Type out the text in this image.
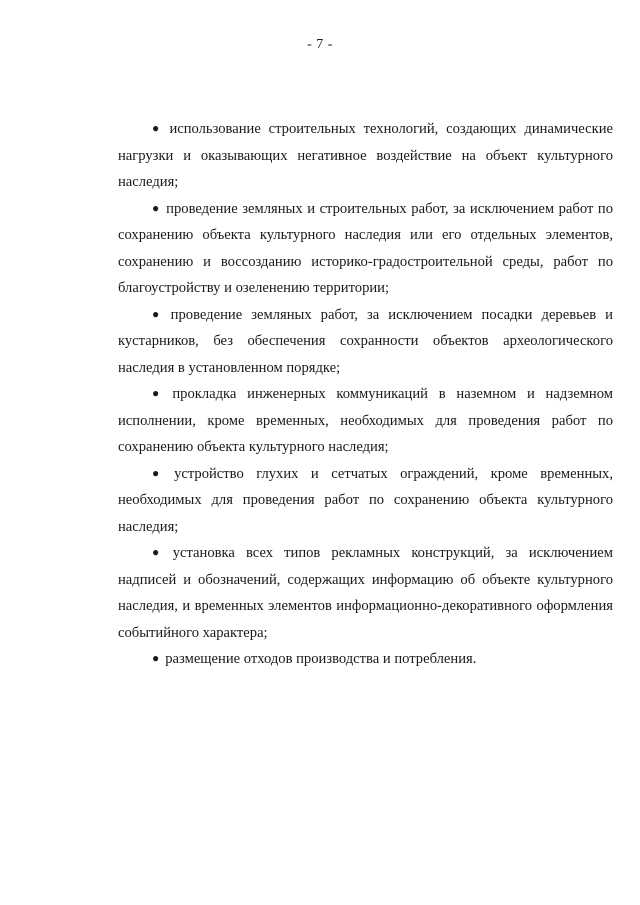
- 7 -

● использование строительных технологий, создающих динамические нагрузки и оказывающих негативное воздействие на объект культурного наследия;

● проведение земляных и строительных работ, за исключением работ по сохранению объекта культурного наследия или его отдельных элементов, сохранению и воссозданию историко-градостроительной среды, работ по благоустройству и озеленению территории;

● проведение земляных работ, за исключением посадки деревьев и кустарников, без обеспечения сохранности объектов археологического наследия в установленном порядке;

● прокладка инженерных коммуникаций в наземном и надземном исполнении, кроме временных, необходимых для проведения работ по сохранению объекта культурного наследия;

● устройство глухих и сетчатых ограждений, кроме временных, необходимых для проведения работ по сохранению объекта культурного наследия;

● установка всех типов рекламных конструкций, за исключением надписей и обозначений, содержащих информацию об объекте культурного наследия, и временных элементов информационно-декоративного оформления событийного характера;

● размещение отходов производства и потребления.
